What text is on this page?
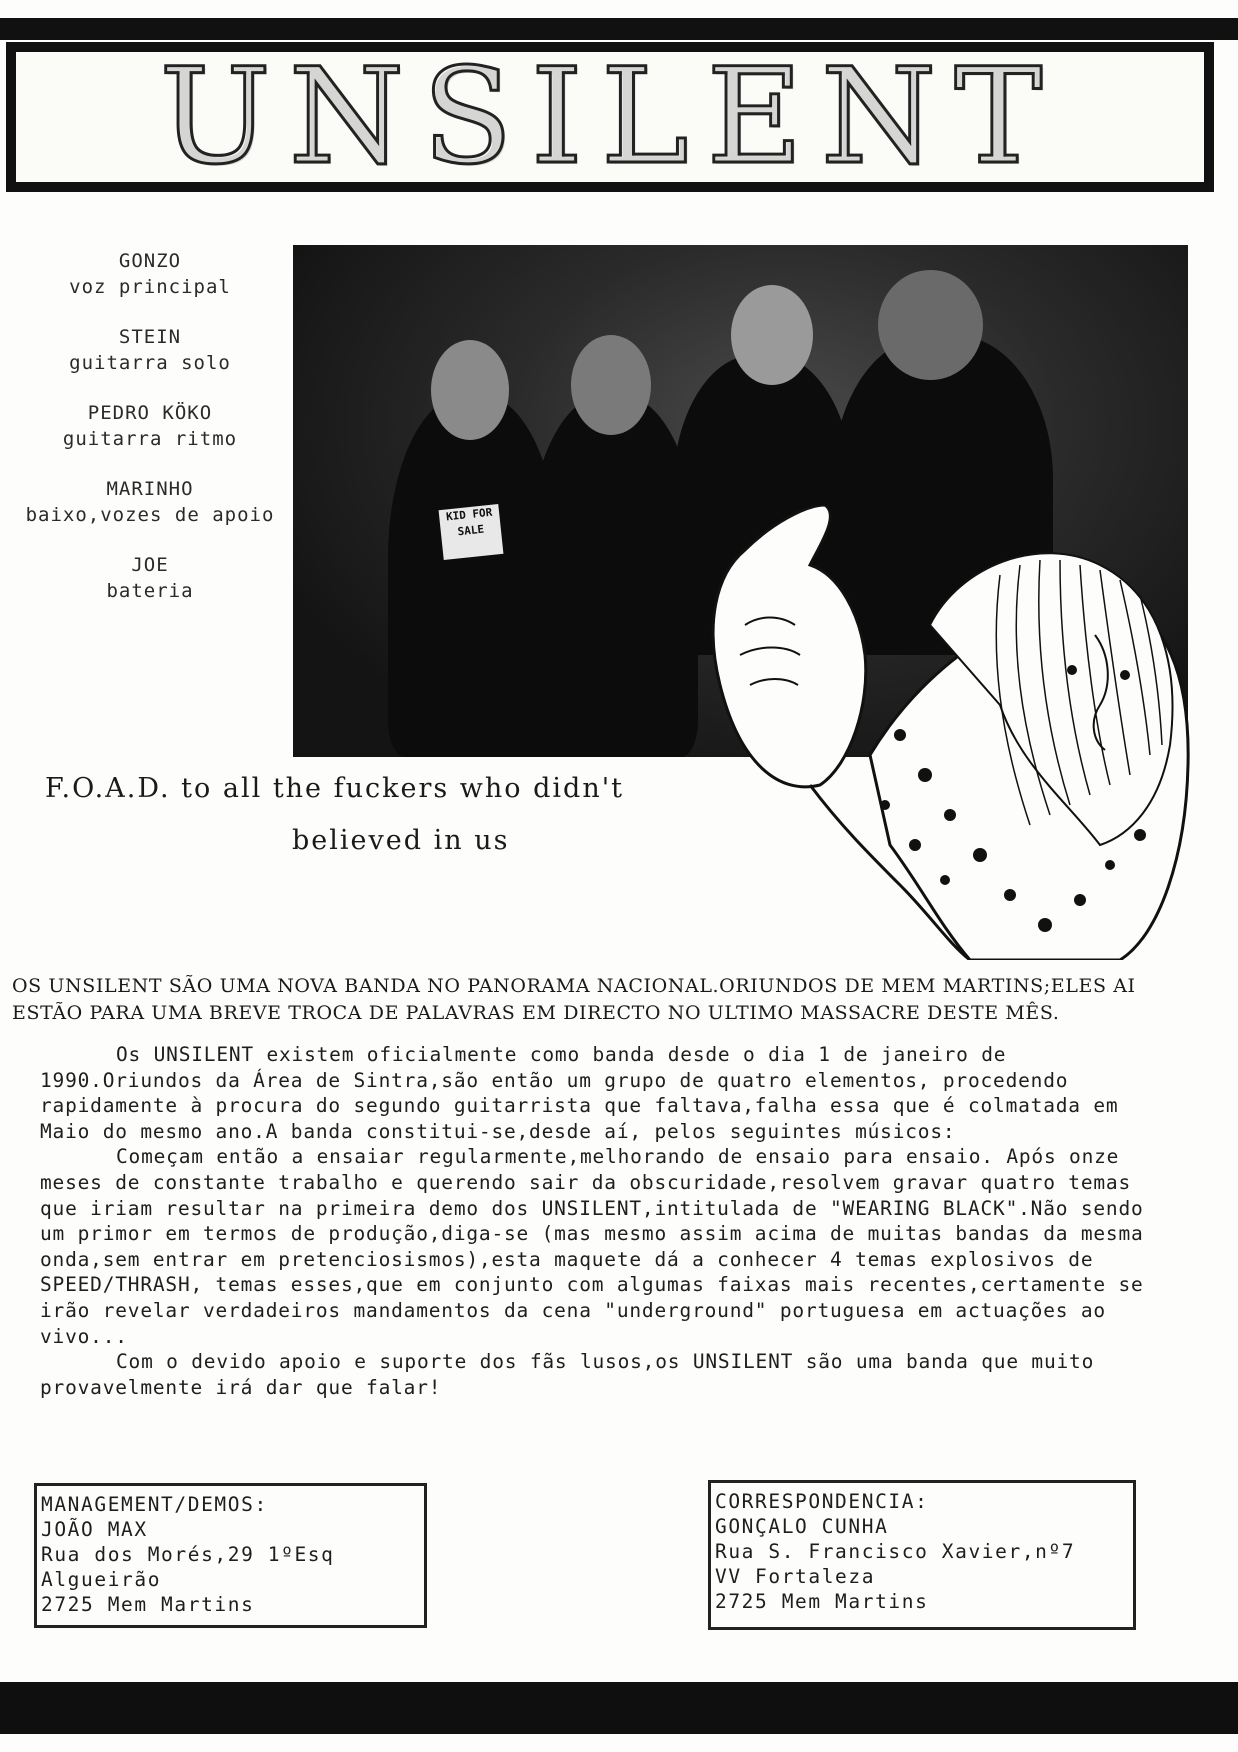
UNSILENT
GONZO
voz principal
STEIN
guitarra solo
PEDRO KÖKO
guitarra ritmo
MARINHO
baixo,vozes de apoio
JOE
bateria
KID FOR SALE
F.O.A.D. to all the fuckers who didn't
believed in us
OS UNSILENT SÃO UMA NOVA BANDA NO PANORAMA NACIONAL.ORIUNDOS DE MEM MARTINS;ELES AI ESTÃO PARA UMA BREVE TROCA DE PALAVRAS EM DIRECTO NO ULTIMO MASSACRE DESTE MÊS.

Os UNSILENT existem oficialmente como banda desde o dia 1 de janeiro de 1990.Oriundos da Área de Sintra,são então um grupo de quatro elementos, procedendo rapidamente à procura do segundo guitarrista que faltava,falha essa que é colmatada em Maio do mesmo ano.A banda constitui-se,desde aí, pelos seguintes músicos:

Começam então a ensaiar regularmente,melhorando de ensaio para ensaio. Após onze meses de constante trabalho e querendo sair da obscuridade,resolvem gravar quatro temas que iriam resultar na primeira demo dos UNSILENT,intitulada de "WEARING BLACK".Não sendo um primor em termos de produção,diga-se (mas mesmo assim acima de muitas bandas da mesma onda,sem entrar em pretenciosismos),esta maquete dá a conhecer 4 temas explosivos de SPEED/THRASH, temas esses,que em conjunto com algumas faixas mais recentes,certamente se irão revelar verdadeiros mandamentos da cena "underground" portuguesa em actuações ao vivo...

Com o devido apoio e suporte dos fãs lusos,os UNSILENT são uma banda que muito provavelmente irá dar que falar!

MANAGEMENT/DEMOS:
JOÃO MAX
Rua dos Morés,29 1ºEsq
Algueirão
2725 Mem Martins
CORRESPONDENCIA:
GONÇALO CUNHA
Rua S. Francisco Xavier,nº7
VV Fortaleza
2725 Mem Martins
